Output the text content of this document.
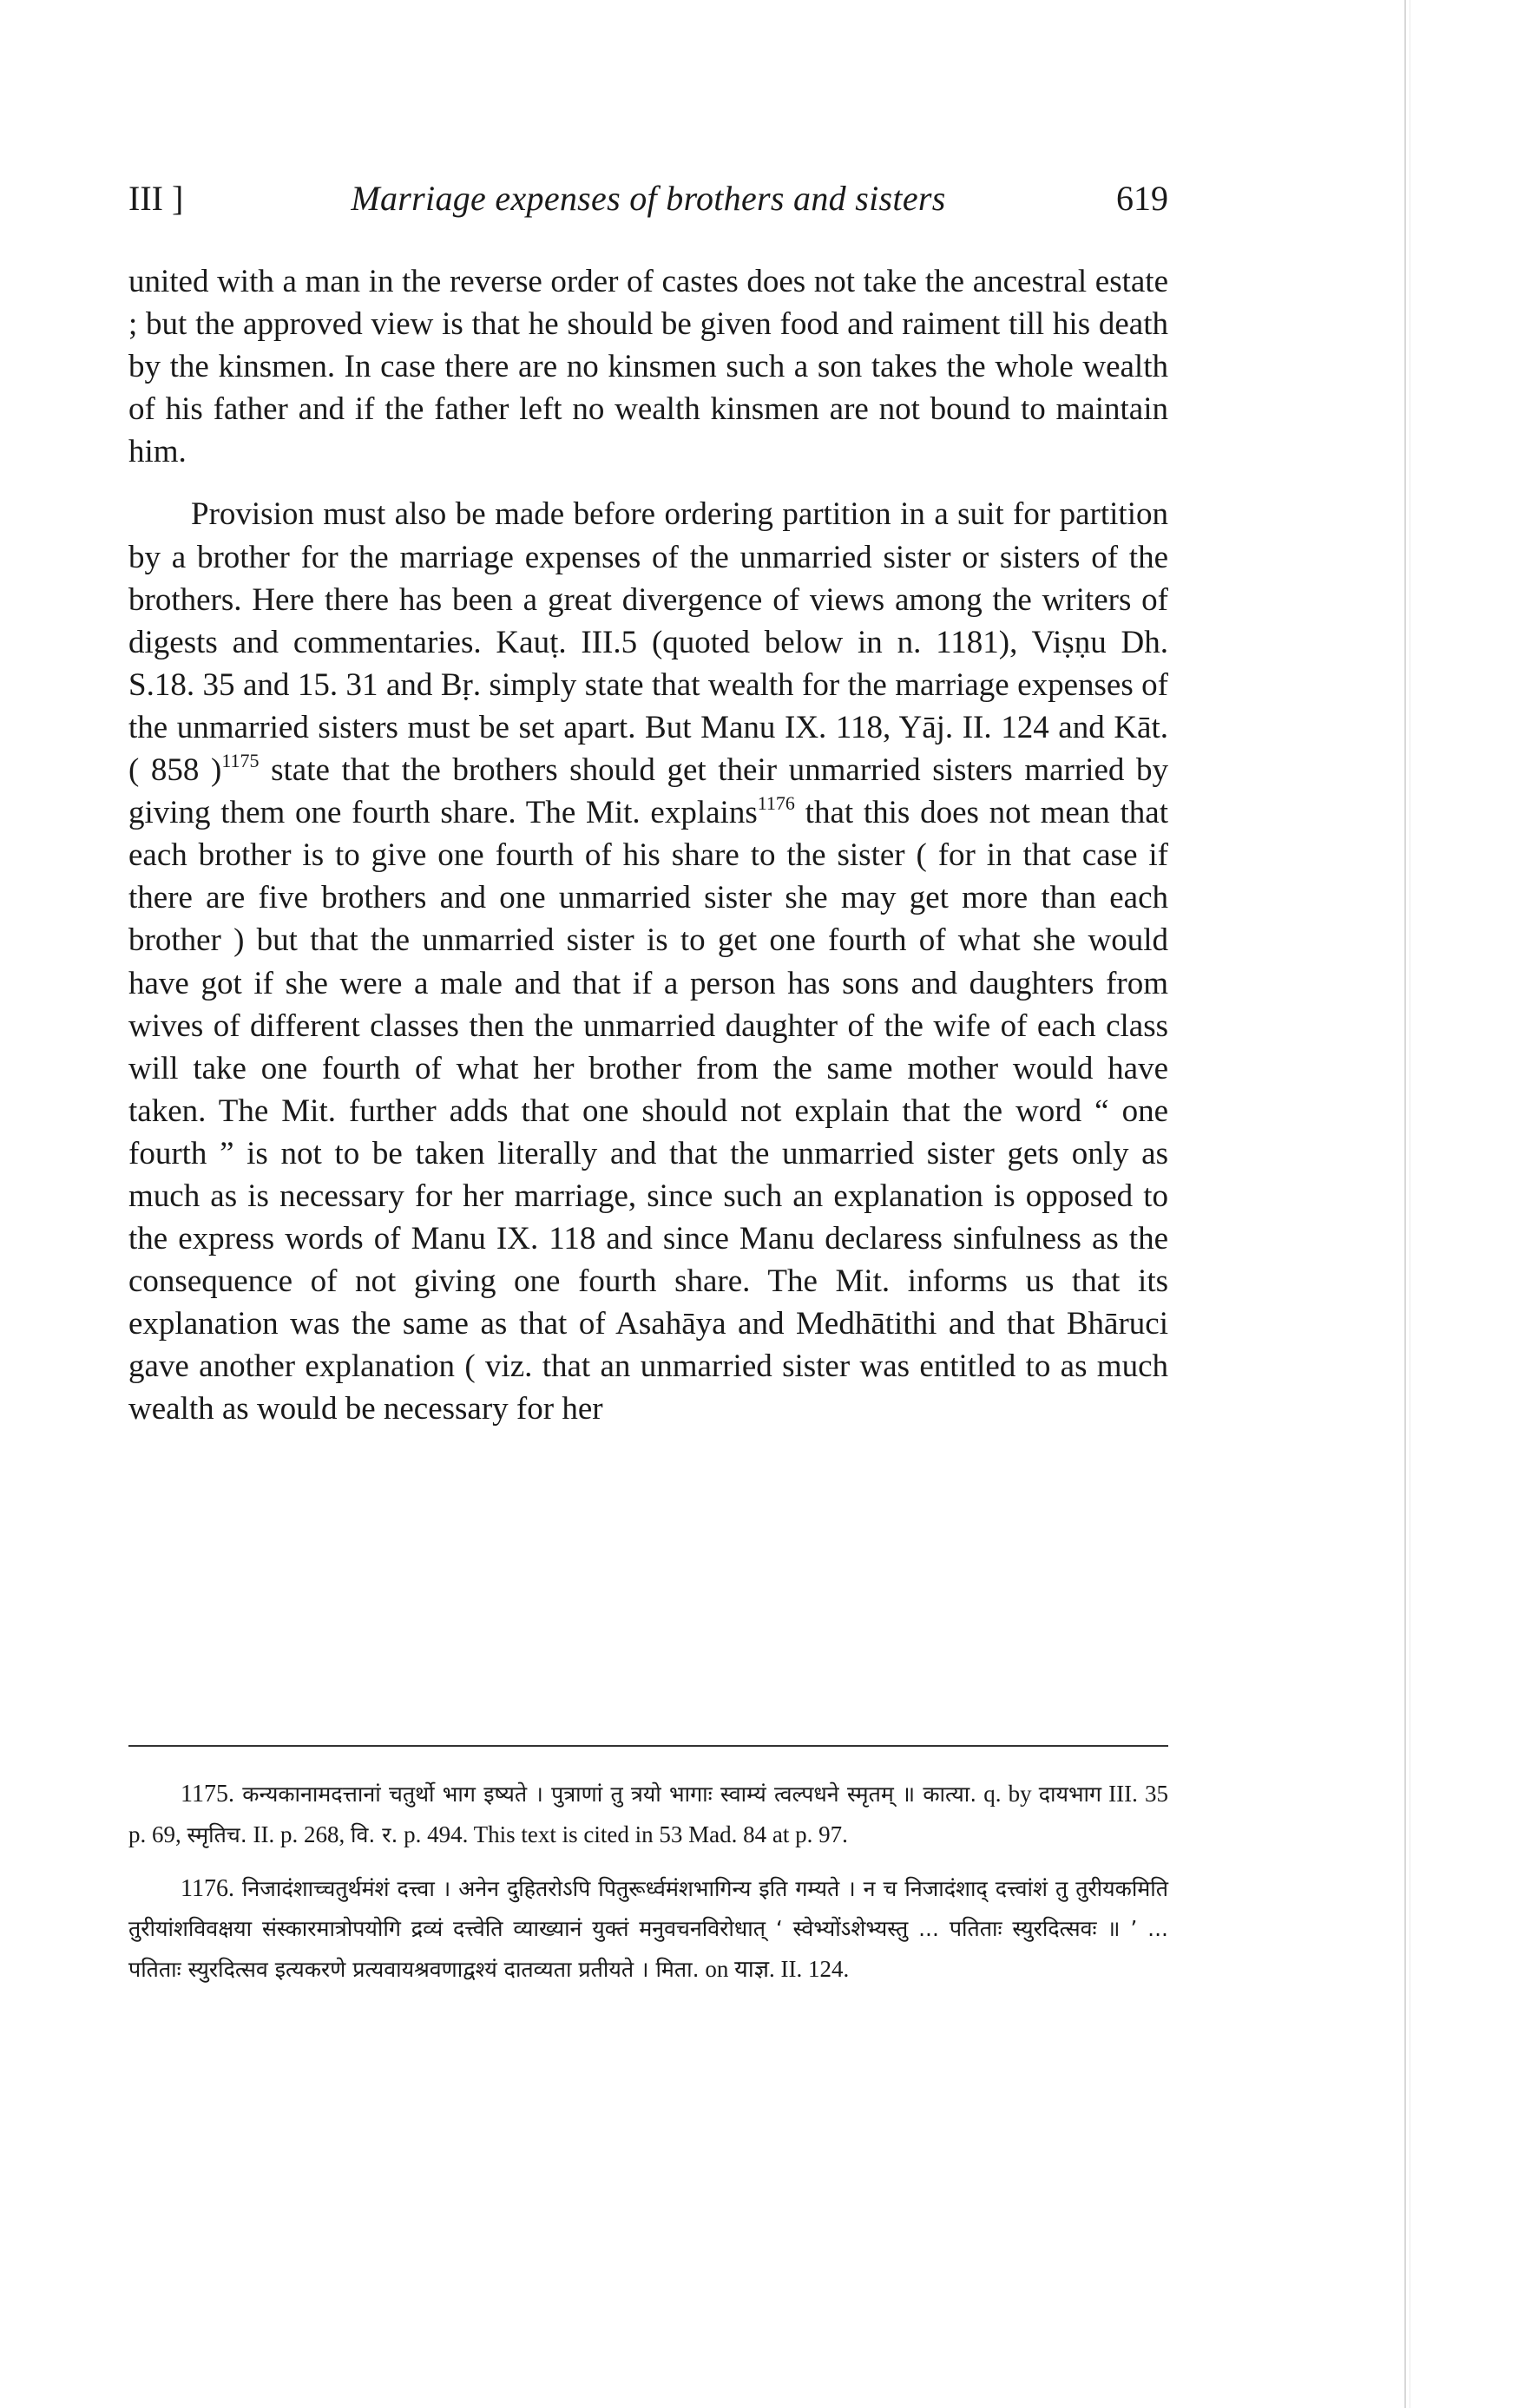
III ]	Marriage expenses of brothers and sisters	619

united with a man in the reverse order of castes does not take the ancestral estate ; but the approved view is that he should be given food and raiment till his death by the kinsmen. In case there are no kinsmen such a son takes the whole wealth of his father and if the father left no wealth kinsmen are not bound to maintain him.

Provision must also be made before ordering partition in a suit for partition by a brother for the marriage expenses of the unmarried sister or sisters of the brothers. Here there has been a great divergence of views among the writers of digests and commentaries. Kauṭ. III.5 (quoted below in n. 1181), Viṣṇu Dh. S.18. 35 and 15. 31 and Bṛ. simply state that wealth for the marriage expenses of the unmarried sisters must be set apart. But Manu IX. 118, Yāj. II. 124 and Kāt. ( 858 )$^{1175}$ state that the brothers should get their unmarried sisters married by giving them one fourth share. The Mit. explains$^{1176}$ that this does not mean that each brother is to give one fourth of his share to the sister ( for in that case if there are five brothers and one unmarried sister she may get more than each brother ) but that the unmarried sister is to get one fourth of what she would have got if she were a male and that if a person has sons and daughters from wives of different classes then the unmarried daughter of the wife of each class will take one fourth of what her brother from the same mother would have taken. The Mit. further adds that one should not explain that the word “ one fourth ” is not to be taken literally and that the unmarried sister gets only as much as is necessary for her marriage, since such an explanation is opposed to the express words of Manu IX. 118 and since Manu declaress sinfulness as the consequence of not giving one fourth share. The Mit. informs us that its explanation was the same as that of Asahāya and Medhātithi and that Bhāruci gave another explanation ( viz. that an unmarried sister was entitled to as much wealth as would be necessary for her

1175. कन्यकानामदत्तानां चतुर्थो भाग इष्यते । पुत्राणां तु त्रयो भागाः स्वाम्यं त्वल्पधने स्मृतम् ॥ कात्या. q. by दायभाग III. 35 p. 69, स्मृतिच. II. p. 268, वि. र. p. 494. This text is cited in 53 Mad. 84 at p. 97.

1176. निजादंशाच्चतुर्थमंशं दत्त्वा । अनेन दुहितरोऽपि पितुरूर्ध्वमंशभागिन्य इति गम्यते । न च निजादंशाद् दत्त्वांशं तु तुरीयकमिति तुरीयांशविवक्षया संस्कारमात्रोपयोगि द्रव्यं दत्त्वेति व्याख्यानं युक्तं मनुवचनविरोधात् ‘ स्वेभ्योंऽशेभ्यस्तु ... पतिताः स्युरदित्सवः ॥ ’ ... पतिताः स्युरदित्सव इत्यकरणे प्रत्यवायश्रवणाद्वश्यं दातव्यता प्रतीयते । मिता. on याज्ञ. II. 124.
